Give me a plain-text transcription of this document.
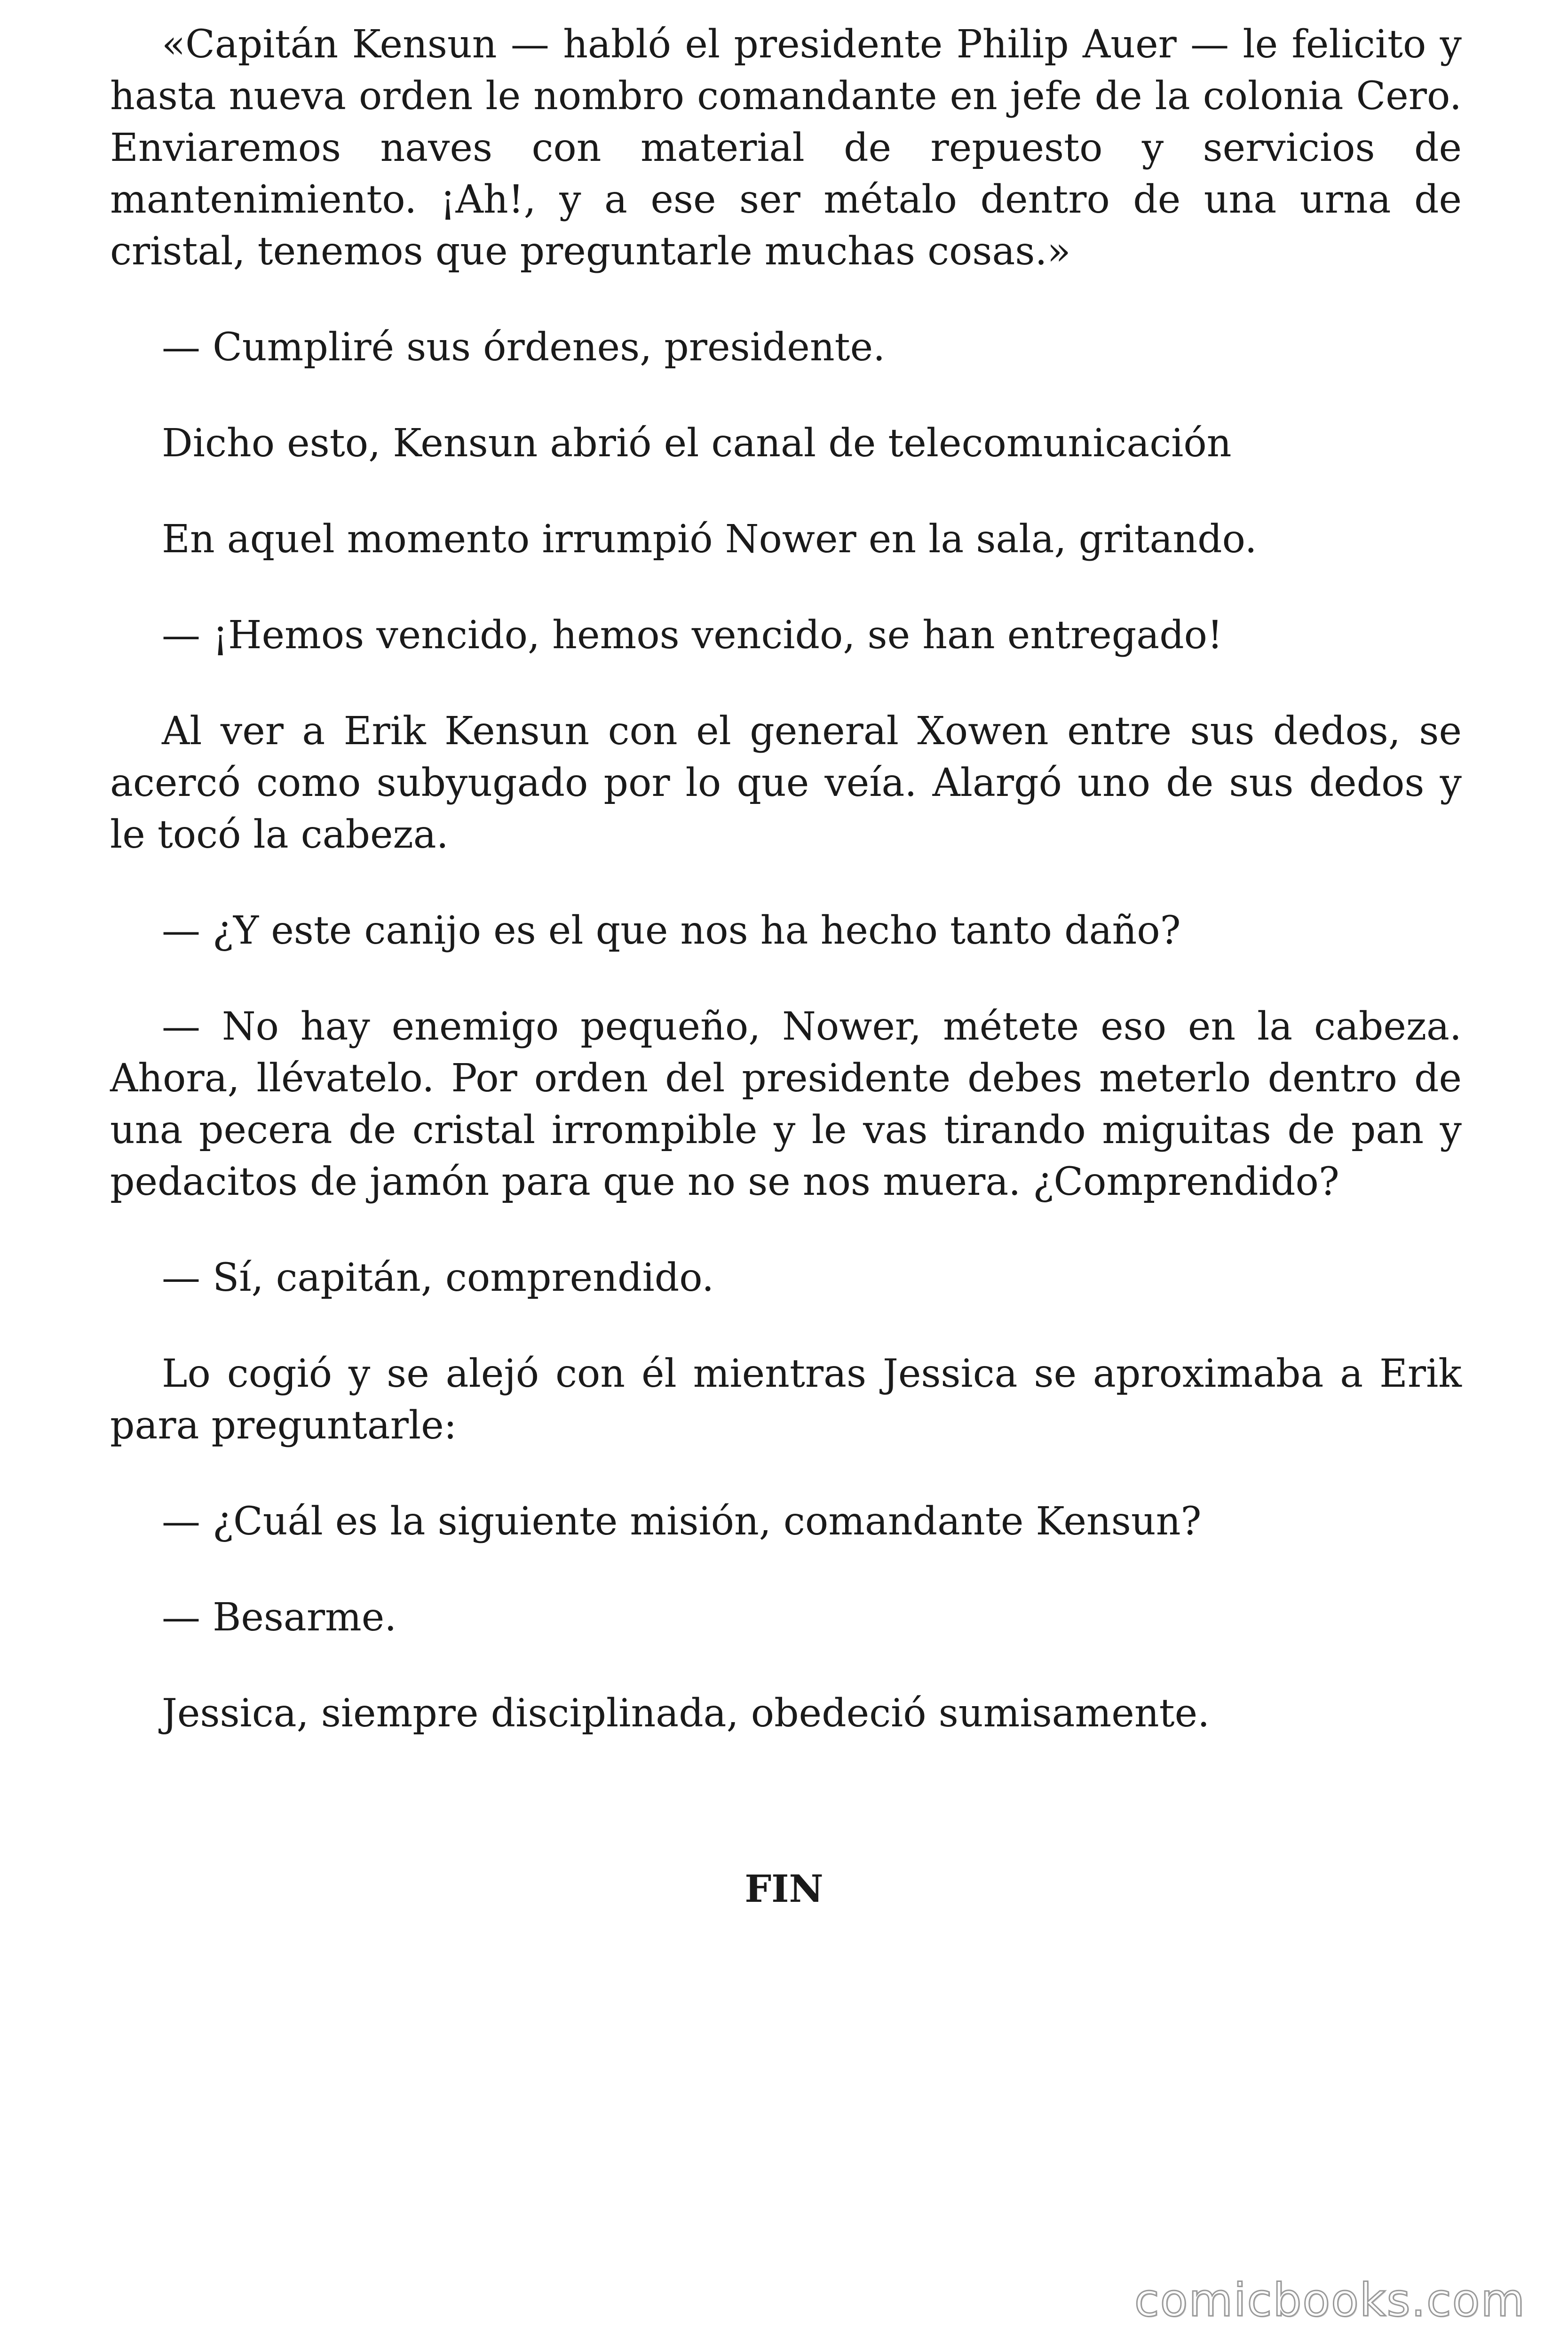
«Capitán Kensun — habló el presidente Philip Auer — le felicito y hasta nueva orden le nombro comandante en jefe de la colonia Cero. Enviaremos naves con material de repuesto y servicios de mantenimiento. ¡Ah!, y a ese ser métalo dentro de una urna de cristal, tenemos que preguntarle muchas cosas.»

— Cumpliré sus órdenes, presidente.

Dicho esto, Kensun abrió el canal de telecomunicación

En aquel momento irrumpió Nower en la sala, gritando.

— ¡Hemos vencido, hemos vencido, se han entregado!

Al ver a Erik Kensun con el general Xowen entre sus dedos, se acercó como subyugado por lo que veía. Alargó uno de sus dedos y le tocó la cabeza.

— ¿Y este canijo es el que nos ha hecho tanto daño?

— No hay enemigo pequeño, Nower, métete eso en la cabeza. Ahora, llévatelo. Por orden del presidente debes meterlo dentro de una pecera de cristal irrompible y le vas tirando miguitas de pan y pedacitos de jamón para que no se nos muera. ¿Comprendido?

— Sí, capitán, comprendido.

Lo cogió y se alejó con él mientras Jessica se aproximaba a Erik para preguntarle:

— ¿Cuál es la siguiente misión, comandante Kensun?

— Besarme.

Jessica, siempre disciplinada, obedeció sumisamente.

FIN
comicbooks.com
